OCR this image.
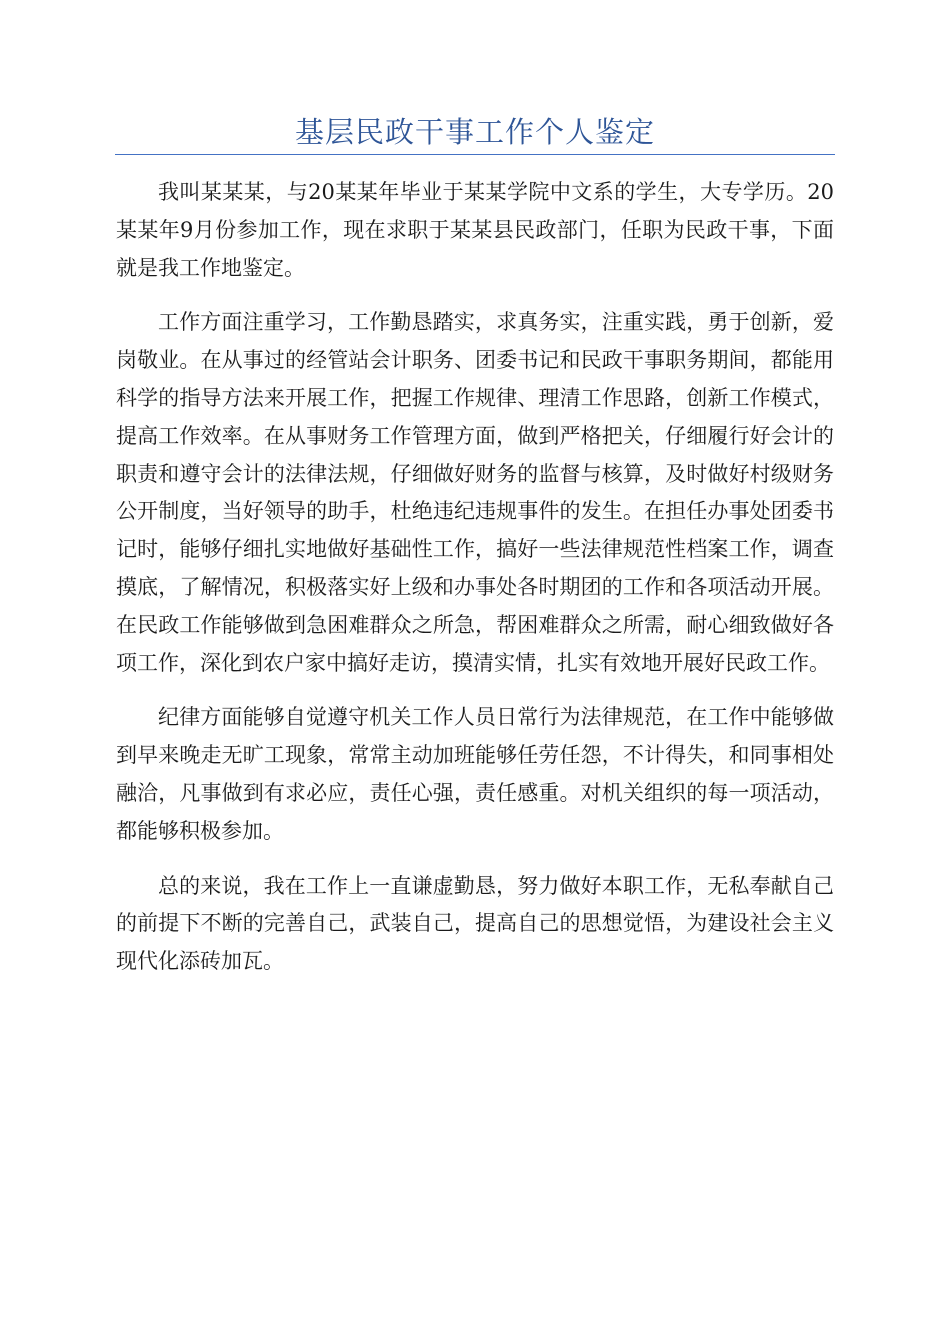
基层民政干事工作个人鉴定

我叫某某某，与20某某年毕业于某某学院中文系的学生，大专学历。20某某年9月份参加工作，现在求职于某某县民政部门，任职为民政干事，下面就是我工作地鉴定。

工作方面注重学习，工作勤恳踏实，求真务实，注重实践，勇于创新，爱岗敬业。在从事过的经管站会计职务、团委书记和民政干事职务期间，都能用科学的指导方法来开展工作，把握工作规律、理清工作思路，创新工作模式，提高工作效率。在从事财务工作管理方面，做到严格把关，仔细履行好会计的职责和遵守会计的法律法规，仔细做好财务的监督与核算，及时做好村级财务公开制度，当好领导的助手，杜绝违纪违规事件的发生。在担任办事处团委书记时，能够仔细扎实地做好基础性工作，搞好一些法律规范性档案工作，调查摸底，了解情况，积极落实好上级和办事处各时期团的工作和各项活动开展。在民政工作能够做到急困难群众之所急，帮困难群众之所需，耐心细致做好各项工作，深化到农户家中搞好走访，摸清实情，扎实有效地开展好民政工作。

纪律方面能够自觉遵守机关工作人员日常行为法律规范，在工作中能够做到早来晚走无旷工现象，常常主动加班能够任劳任怨，不计得失，和同事相处融洽，凡事做到有求必应，责任心强，责任感重。对机关组织的每一项活动，都能够积极参加。

总的来说，我在工作上一直谦虚勤恳，努力做好本职工作，无私奉献自己的前提下不断的完善自己，武装自己，提高自己的思想觉悟，为建设社会主义现代化添砖加瓦。
